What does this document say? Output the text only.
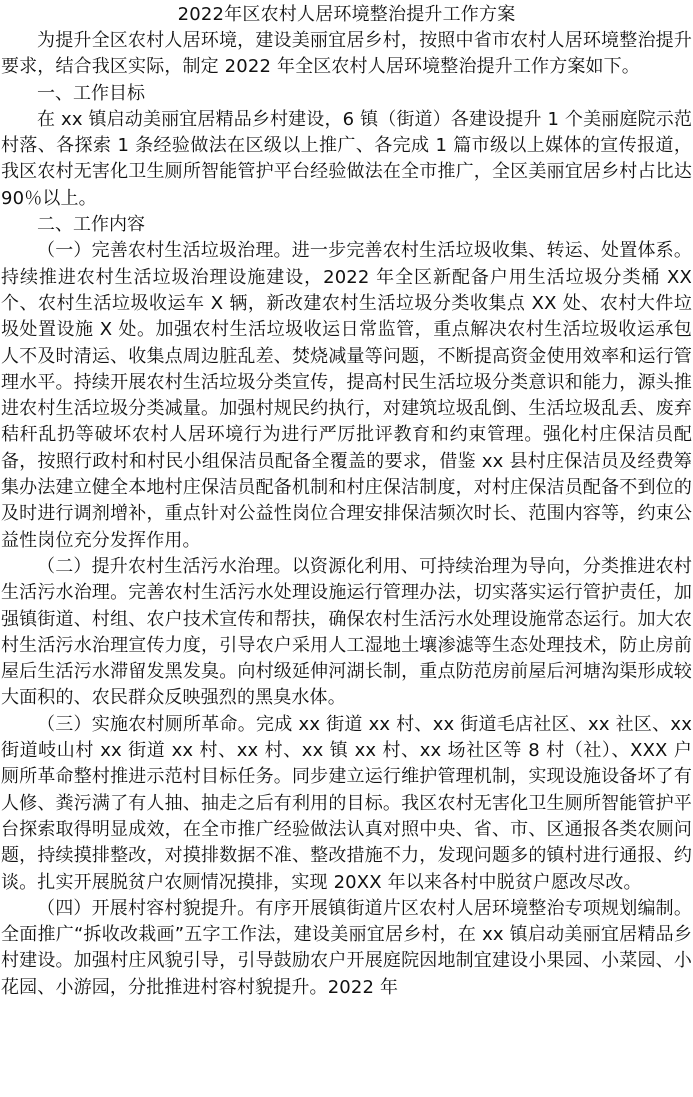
2022年区农村人居环境整治提升工作方案

为提升全区农村人居环境，建设美丽宜居乡村，按照中省市农村人居环境整治提升要求，结合我区实际，制定 2022 年全区农村人居环境整治提升工作方案如下。

一、工作目标

在 xx 镇启动美丽宜居精品乡村建设，6 镇（街道）各建设提升 1 个美丽庭院示范村落、各探索 1 条经验做法在区级以上推广、各完成 1 篇市级以上媒体的宣传报道，我区农村无害化卫生厕所智能管护平台经验做法在全市推广，全区美丽宜居乡村占比达 90％以上。

二、工作内容

（一）完善农村生活垃圾治理。进一步完善农村生活垃圾收集、转运、处置体系。持续推进农村生活垃圾治理设施建设，2022 年全区新配备户用生活垃圾分类桶 XX 个、农村生活垃圾收运车 X 辆，新改建农村生活垃圾分类收集点 XX 处、农村大件垃圾处置设施 X 处。加强农村生活垃圾收运日常监管，重点解决农村生活垃圾收运承包人不及时清运、收集点周边脏乱差、焚烧减量等问题，不断提高资金使用效率和运行管理水平。持续开展农村生活垃圾分类宣传，提高村民生活垃圾分类意识和能力，源头推进农村生活垃圾分类减量。加强村规民约执行，对建筑垃圾乱倒、生活垃圾乱丢、废弃秸秆乱扔等破坏农村人居环境行为进行严厉批评教育和约束管理。强化村庄保洁员配备，按照行政村和村民小组保洁员配备全覆盖的要求，借鉴 xx 县村庄保洁员及经费筹集办法建立健全本地村庄保洁员配备机制和村庄保洁制度，对村庄保洁员配备不到位的及时进行调剂增补，重点针对公益性岗位合理安排保洁频次时长、范围内容等，约束公益性岗位充分发挥作用。

（二）提升农村生活污水治理。以资源化利用、可持续治理为导向，分类推进农村生活污水治理。完善农村生活污水处理设施运行管理办法，切实落实运行管护责任，加强镇街道、村组、农户技术宣传和帮扶，确保农村生活污水处理设施常态运行。加大农村生活污水治理宣传力度，引导农户采用人工湿地土壤渗滤等生态处理技术，防止房前屋后生活污水滞留发黑发臭。向村级延伸河湖长制，重点防范房前屋后河塘沟渠形成较大面积的、农民群众反映强烈的黑臭水体。

（三）实施农村厕所革命。完成 xx 街道 xx 村、xx 街道毛店社区、xx 社区、xx 街道岐山村 xx 街道 xx 村、xx 村、xx 镇 xx 村、xx 场社区等 8 村（社）、XXX 户厕所革命整村推进示范村目标任务。同步建立运行维护管理机制，实现设施设备坏了有人修、粪污满了有人抽、抽走之后有利用的目标。我区农村无害化卫生厕所智能管护平台探索取得明显成效，在全市推广经验做法认真对照中央、省、市、区通报各类农厕问题，持续摸排整改，对摸排数据不准、整改措施不力，发现问题多的镇村进行通报、约谈。扎实开展脱贫户农厕情况摸排，实现 20XX 年以来各村中脱贫户愿改尽改。

（四）开展村容村貌提升。有序开展镇街道片区农村人居环境整治专项规划编制。全面推广“拆收改栽画”五字工作法，建设美丽宜居乡村，在 xx 镇启动美丽宜居精品乡村建设。加强村庄风貌引导，引导鼓励农户开展庭院因地制宜建设小果园、小菜园、小花园、小游园，分批推进村容村貌提升。2022 年
